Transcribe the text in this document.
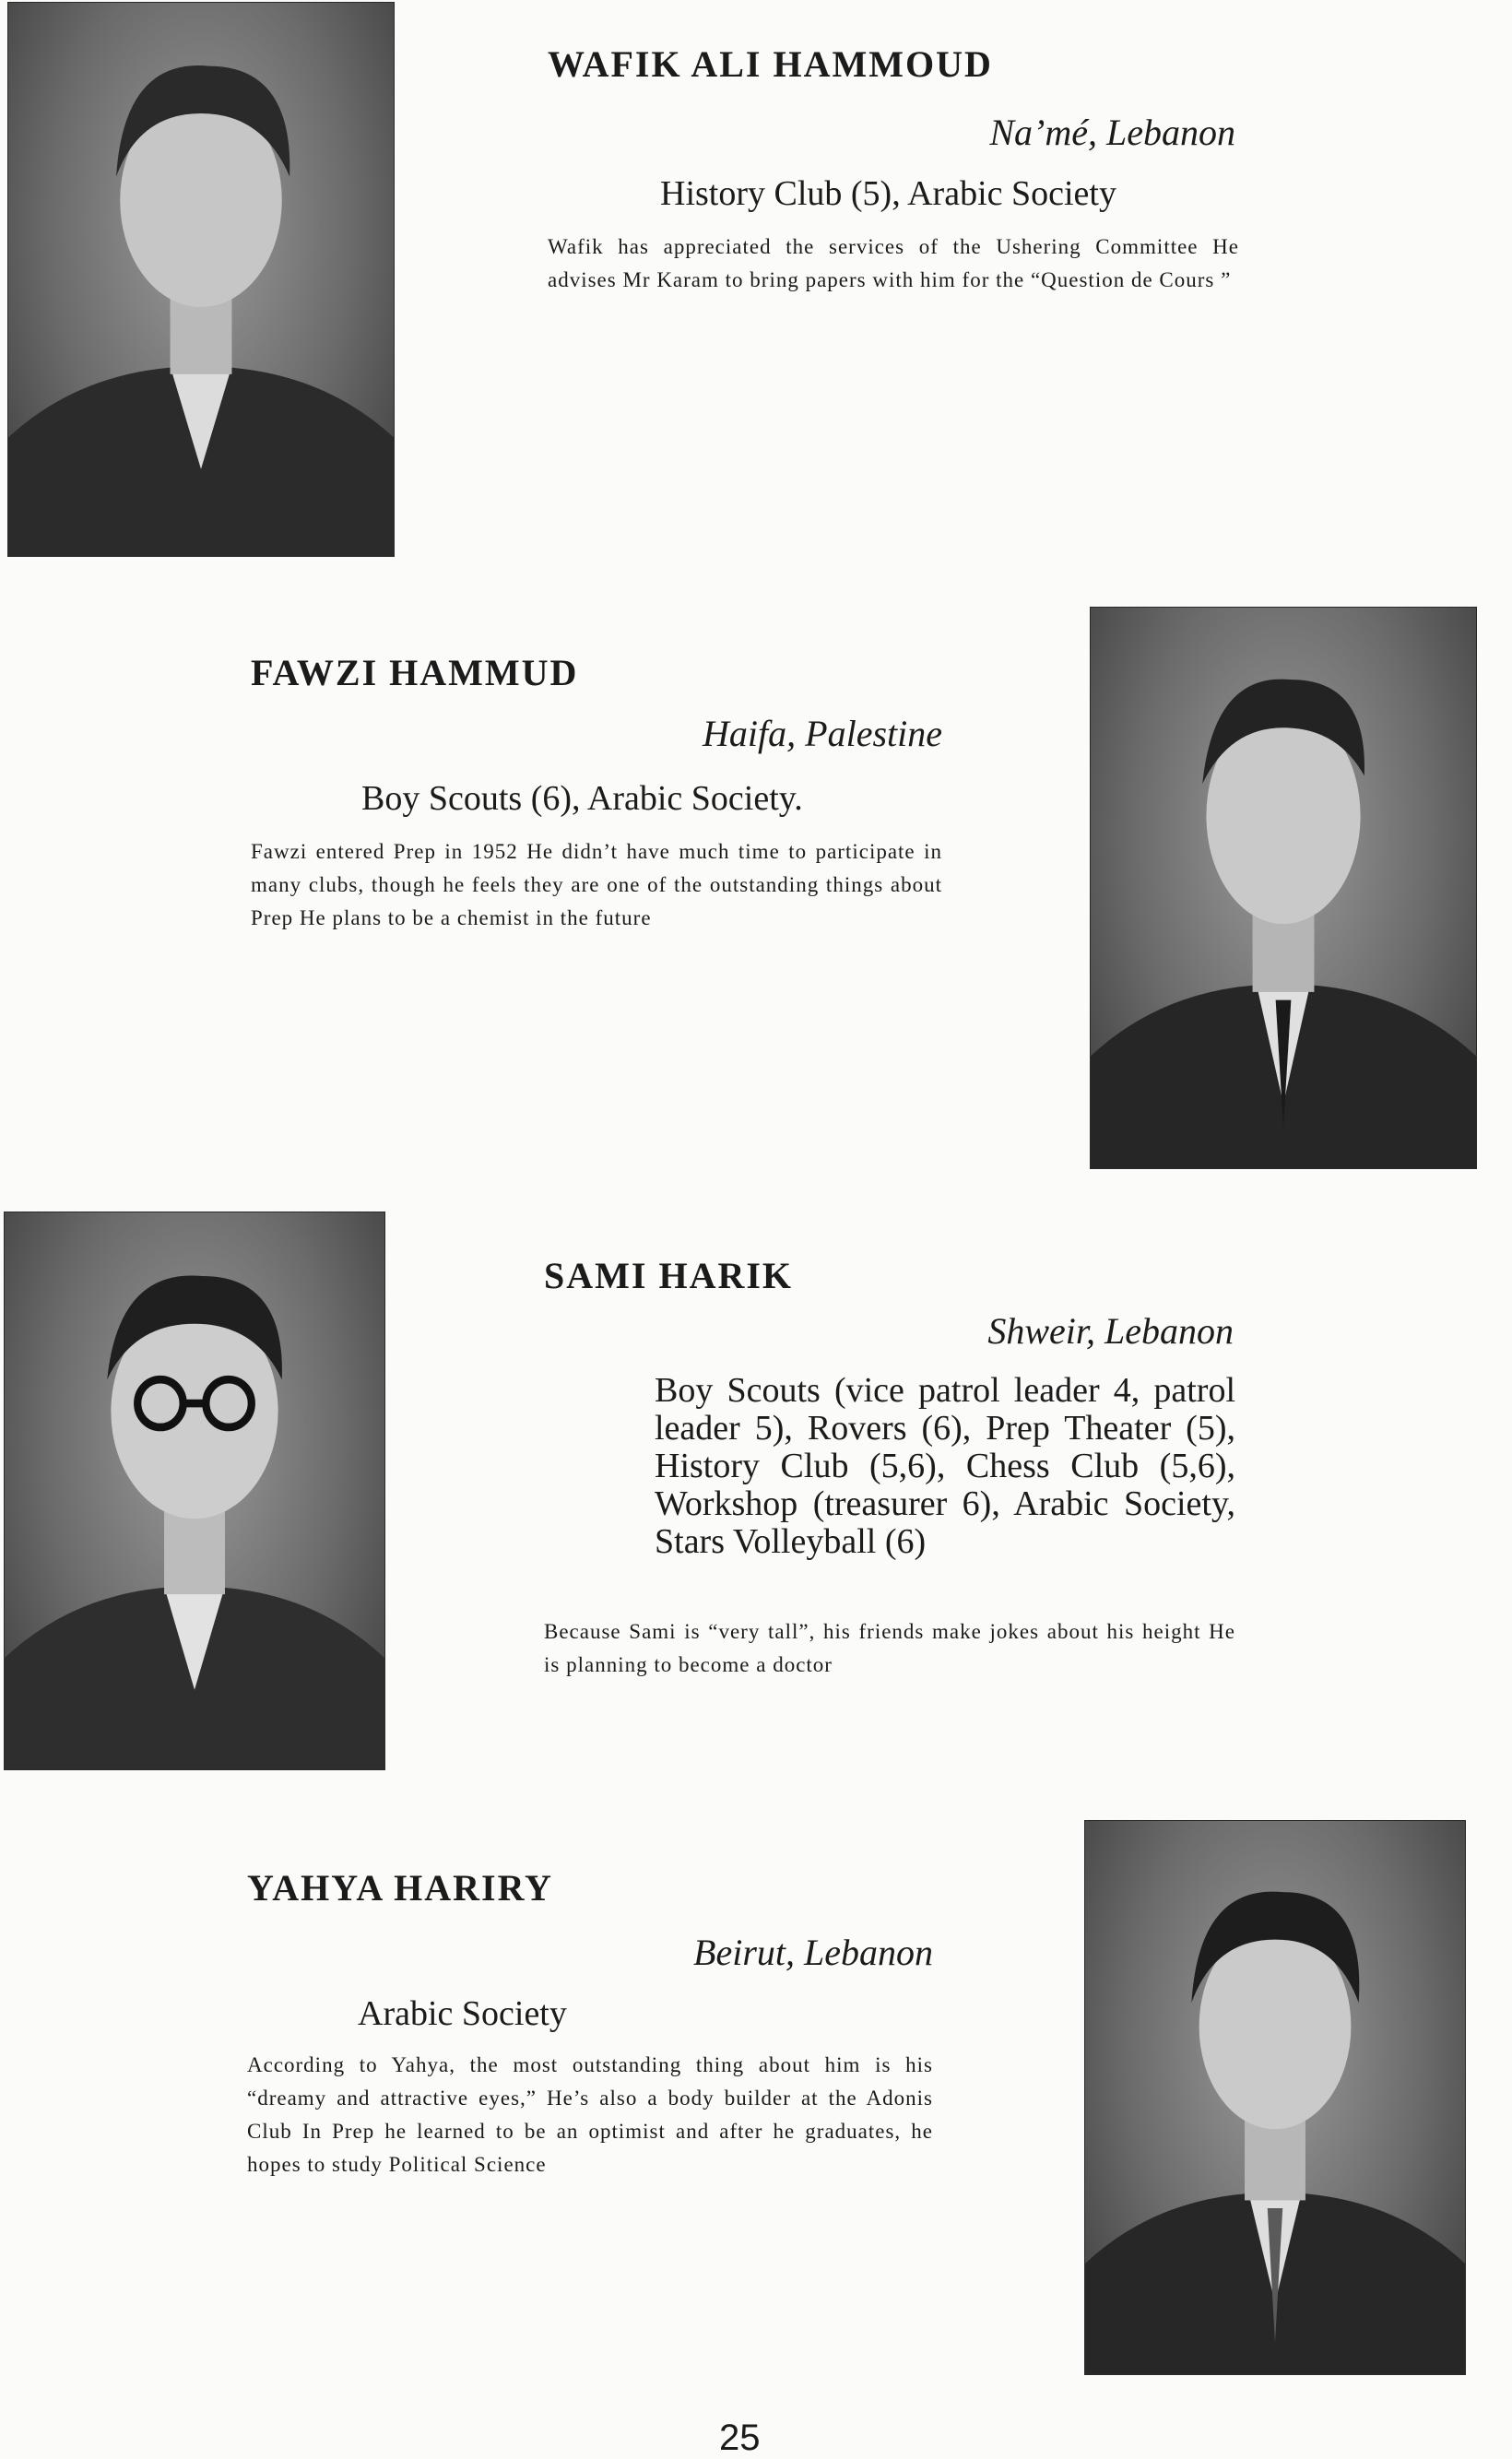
WAFIK ALI HAMMOUD
Na’mé, Lebanon
History Club (5), Arabic Society
Wafik has appreciated the services of the Ushering Committee He advises Mr Karam to bring papers with him for the “Question de Cours ”
FAWZI HAMMUD
Haifa, Palestine
Boy Scouts (6), Arabic Society.
Fawzi entered Prep in 1952 He didn’t have much time to participate in many clubs, though he feels they are one of the outstanding things about Prep He plans to be a chemist in the future
SAMI HARIK
Shweir, Lebanon
Boy Scouts (vice patrol leader 4, patrol leader 5), Rovers (6), Prep Theater (5), History Club (5,6), Chess Club (5,6), Workshop (treasurer 6), Arabic Society, Stars Volleyball (6)
Because Sami is “very tall”, his friends make jokes about his height He is planning to become a doctor
YAHYA HARIRY
Beirut, Lebanon
Arabic Society
According to Yahya, the most outstanding thing about him is his “dreamy and attractive eyes,” He’s also a body builder at the Adonis Club In Prep he learned to be an optimist and after he graduates, he hopes to study Political Science
25
